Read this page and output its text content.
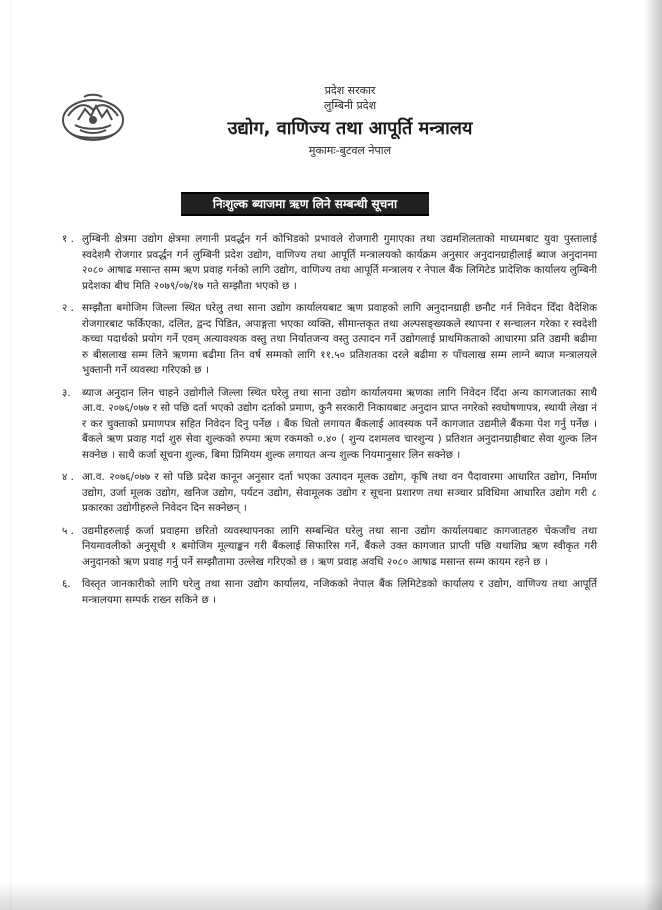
प्रदेश सरकार
लुम्बिनी प्रदेश
उद्योग, वाणिज्य तथा आपूर्ति मन्त्रालय
मुकामः-बुटवल नेपाल
निःशुल्क ब्याजमा ऋण लिने सम्बन्धी सूचना
१ . लुम्बिनी क्षेत्रमा उद्योग क्षेत्रमा लगानी प्रवर्द्धन गर्न कोभिडको प्रभावले रोजगारी गुमाएका तथा उद्यमशिलताको माध्यमबाट युवा पुस्तालाई स्वदेशमै रोजगार प्रवर्द्धन गर्न लुम्बिनी प्रदेश उद्योग, वाणिज्य तथा आपूर्ति मन्त्रालयको कार्यक्रम अनुसार अनुदानग्राहीलाई ब्याज अनुदानमा २०८० आषाढ मसान्त सम्म ऋण प्रवाह गर्नको लागि उद्योग, वाणिज्य तथा आपूर्ति मन्त्रालय र नेपाल बैंक लिमिटेड प्रादेशिक कार्यालय लुम्बिनी प्रदेशका बीच मिति २०७९/०७/१७ गते सम्झौता भएको छ ।
२ . सम्झौता बमोजिम जिल्ला स्थित घरेलु तथा साना उद्योग कार्यालयबाट ऋण प्रवाहको लागि अनुदानग्राही छनौट गर्न निवेदन दिँदा वैदेशिक रोजगारबाट फर्किएका, दलित, द्वन्द पिडित, अपाङ्गता भएका व्यक्ति, सीमान्तकृत तथा अल्पसङ्ख्यकले स्थापना र सन्चालन गरेका र स्वदेशी कच्चा पदार्थको प्रयोग गर्ने एवम् अत्यावश्यक वस्तु तथा निर्यातजन्य वस्तु उत्पादन गर्ने उद्योगलाई प्राथमिकताको आधारमा प्रति उद्यमी बढीमा रु बीसलाख सम्म लिने ऋणमा बढीमा तिन वर्ष सम्मको लागि ११.५० प्रतिशतका दरले बढीमा रु पाँचलाख सम्म लाग्ने ब्याज मन्त्रालयले भुक्तानी गर्ने व्यवस्था गरिएको छ ।
३.	ब्याज अनुदान लिन चाहने उद्योगीले जिल्ला स्थित घरेलु तथा साना उद्योग कार्यालयमा ऋणका लागि निवेदन दिँदा अन्य कागजातका साथै आ.व. २०७६/०७७ र सो पछि दर्ता भएको उद्योग दर्ताको प्रमाण, कुनै सरकारी निकायबाट अनुदान प्राप्त नगरेको स्वघोषणापत्र, स्थायी लेखा नं र कर चुक्ताको प्रमाणपत्र सहित निवेदन दिनु पर्नेछ । बैंक धितो लगायत बैंकलाई आवस्यक पर्ने कागजात उद्यमीले बैंकमा पेश गर्नु पर्नेछ । बैंकले ऋण प्रवाह गर्दा शुरु सेवा शुल्कको रुपमा ऋण रकमको ०.४० ( शुन्य दशमलव चारशुन्य ) प्रतिशत अनुदानग्राहीबाट सेवा शुल्क लिन सक्नेछ । साथै कर्जा सूचना शुल्क, बिमा प्रिमियम शुल्क लगायत अन्य शुल्क नियमानुसार लिन सक्नेछ ।
४ . आ.व. २०७६/०७७ र सो पछि प्रदेश कानून अनुसार दर्ता भएका उत्पादन मूलक उद्योग, कृषि तथा वन पैदावारमा आधारित उद्योग, निर्माण उद्योग, उर्जा मूलक उद्योग, खनिज उद्योग, पर्यटन उद्योग, सेवामूलक उद्योग र सूचना प्रशारण तथा सञ्चार प्रविधिमा आधारित उद्योग गरी ८ प्रकारका उद्योगीहरुले निवेदन दिन सक्नेछन् ।
५ . उद्यमीहरुलाई कर्जा प्रवाहमा छरितो व्यवस्थापनका लागि सम्बन्धित घरेलु तथा साना उद्योग कार्यालयबाट कागजातहरु चेकजाँच तथा नियमावलीको अनुसूची १ बमोजिम मूल्याङ्कन गरी बैंकलाई सिफारिस गर्ने, बैंकले उक्त कागजात प्राप्ती पछि यथाशिघ्र ऋण स्वीकृत गरी अनुदानको ऋण प्रवाह गर्नु पर्ने सम्झौतामा उल्लेख गरिएको छ । ऋण प्रवाह अवधि २०८० आषाढ मसान्त सम्म कायम रहने छ ।
६.	विस्तृत जानकारीको लागि घरेलु तथा साना उद्योग कार्यालय, नजिकको नेपाल बैंक लिमिटेडको कार्यालय र उद्योग, वाणिज्य तथा आपूर्ति मन्त्रालयमा सम्पर्क राख्न सकिने छ ।
